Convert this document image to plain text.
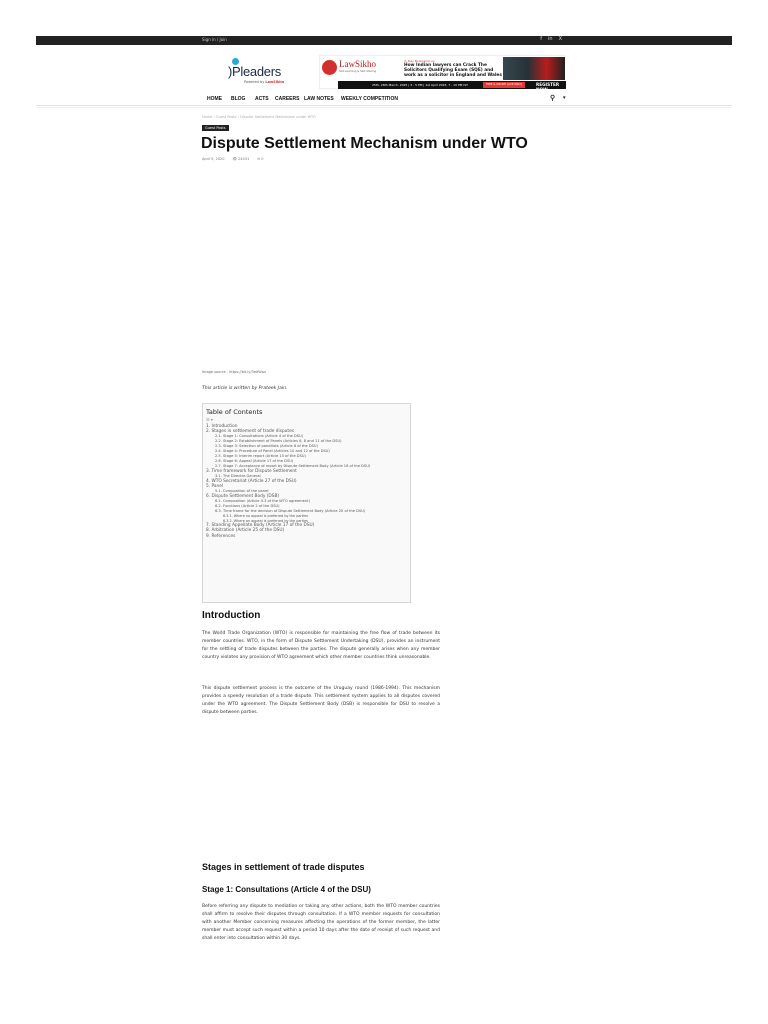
Sign in / Join	f in X
)Pleaders
Powered by LawSikho
LawSikho
Skill Learning & Skill Sharing
3- Day Bootcamp on
How Indian lawyers can Crack The Solicitors Qualifying Exam (SQE) and work as a solicitor in England and Wales
25th, 26th March, 2025 | 3 - 5 PM | 1st April 2025, 7 - 10 PM IST	FREE & ONLINE (LIVE ONLY)	REGISTER NOW
HOME BLOG ACTS CAREERS LAW NOTES WEEKLY COMPETITION	⚲ ▾
Home › Guest Posts › Dispute Settlement Mechanism under WTO
Guest Posts
Dispute Settlement Mechanism under WTO
April 9, 2020 👁 24431 ✉ 0
Image source - https://bit.ly/3eIfWpx
This article is written by Prateek Jain.
Table of Contents
☰ ▾
1. Introduction
2. Stages in settlement of trade disputes
2.1. Stage 1: Consultations (Article 4 of the DSU)
2.2. Stage 2: Establishment of Panels (Articles 6, 8 and 11 of the DSU)
2.3. Stage 3: Selection of panellists (Article 8 of the DSU)
2.4. Stage 4: Procedure of Panel (Articles 10 and 12 of the DSU)
2.5. Stage 5: Interim report (Article 15 of the DSU)
2.6. Stage 6: Appeal (Article 17 of the DSU)
2.7. Stage 7: Acceptance of report by Dispute Settlement Body (Article 16 of the DSU)
3. Time framework for Dispute Settlement
3.1. The Director-General
4. WTO Secretariat (Article 27 of the DSU)
5. Panel
5.1. Composition of the panel:
6. Dispute Settlement Body (DSB)
6.1. Composition (Article 4.3 of the WTO agreement)
6.2. Functions (Article 2 of the DSU)
6.3. Time frame for the decision of Dispute Settlement Body (Article 20 of the DSU)
6.3.1. Where no appeal is preferred by the parties
6.3.2. Where an appeal is preferred by the parties
7. Standing Appellate Body (Article 17 of the DSU)
8. Arbitration (Article 25 of the DSU)
9. References
Introduction

The World Trade Organization (WTO) is responsible for maintaining the free flow of trade between its member countries. WTO, in the form of Dispute Settlement Undertaking (DSU), provides an instrument for the settling of trade disputes between the parties. The dispute generally arises when any member country violates any provision of WTO agreement which other member countries think unreasonable.

This dispute settlement process is the outcome of the Uruguay round (1986-1994). This mechanism provides a speedy resolution of a trade dispute. This settlement system applies to all disputes covered under the WTO agreement. The Dispute Settlement Body (DSB) is responsible for DSU to resolve a dispute between parties.

Stages in settlement of trade disputes
Stage 1: Consultations (Article 4 of the DSU)

Before referring any dispute to mediation or taking any other actions, both the WTO member countries shall affirm to resolve their disputes through consultation. If a WTO member requests for consultation with another Member concerning measures affecting the operations of the former member, the latter member must accept such request within a period 10 days after the date of receipt of such request and shall enter into consultation within 30 days.
